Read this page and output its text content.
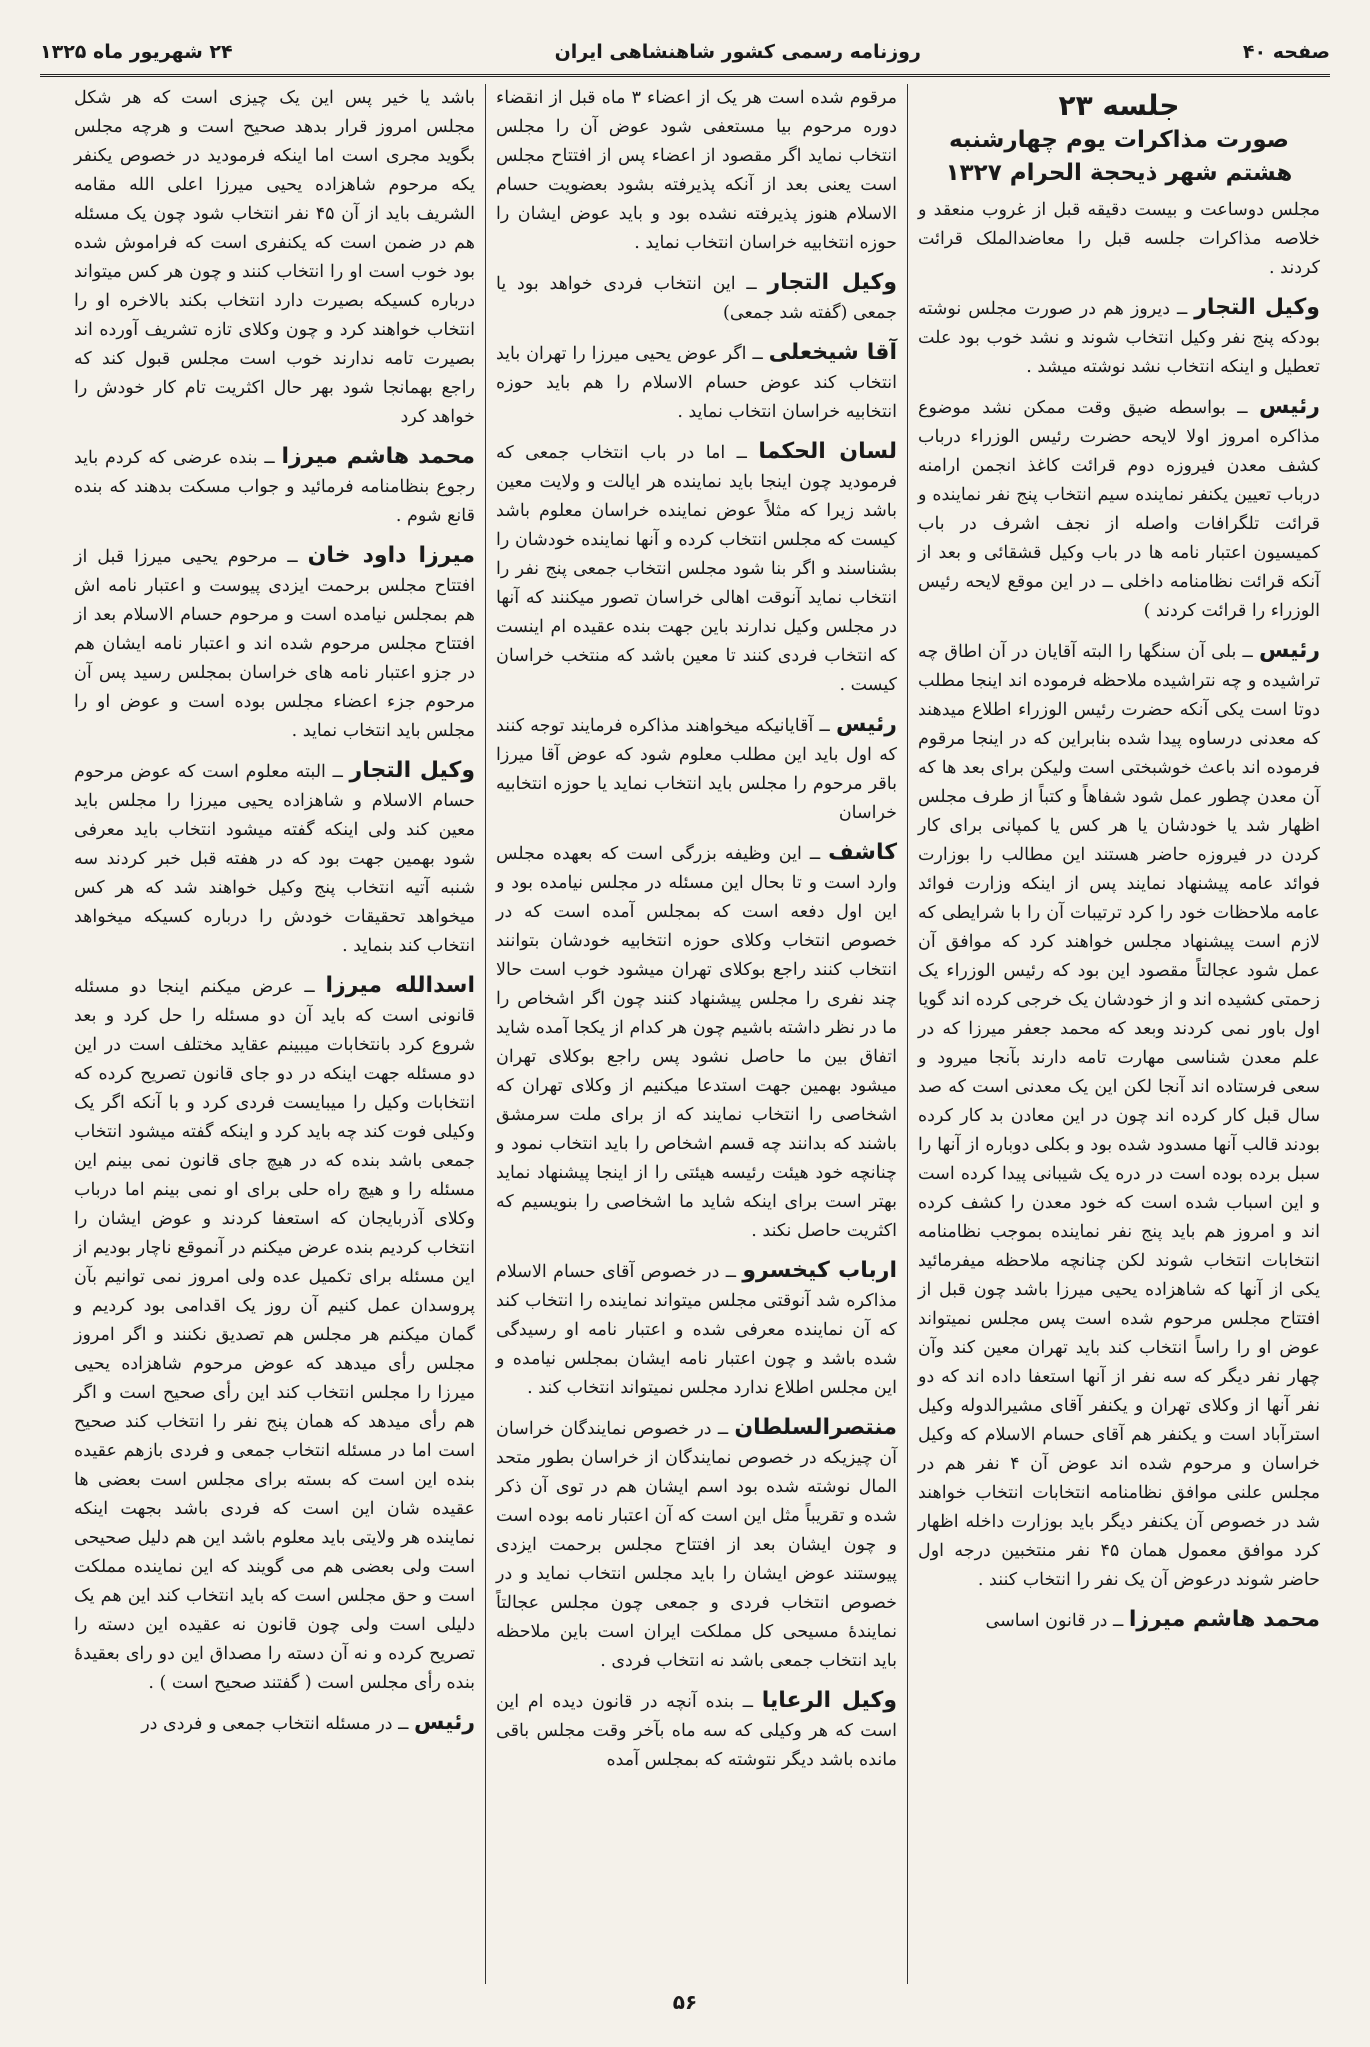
صفحه ۴۰
روزنامه رسمی کشور شاهنشاهی ایران
۲۴ شهریور ماه ۱۳۲۵
جلسه ۲۳
صورت مذاکرات یوم چهارشنبه
هشتم شهر ذیحجة الحرام ۱۳۲۷

مجلس دوساعت و بیست دقیقه قبل از غروب منعقد و خلاصه مذاکرات جلسه قبل را معاضدالملک قرائت کردند .

وکیل التجار ــ دیروز هم در صورت مجلس نوشته بودکه پنج نفر وکیل انتخاب شوند و نشد خوب بود علت تعطیل و اینکه انتخاب نشد نوشته میشد .

رئیس ــ بواسطه ضیق وقت ممکن نشد موضوع مذاکره امروز اولا لایحه حضرت رئیس الوزراء درباب کشف معدن فیروزه دوم قرائت کاغذ انجمن ارامنه درباب تعیین یکنفر نماینده سیم انتخاب پنج نفر نماینده و قرائت تلگرافات واصله از نجف اشرف در باب کمیسیون اعتبار نامه ها در باب وکیل قشقائی و بعد از آنکه قرائت نظامنامه داخلی ــ در این موقع لایحه رئیس الوزراء را قرائت کردند )

رئیس ــ بلی آن سنگها را البته آقایان در آن اطاق چه تراشیده و چه نتراشیده ملاحظه فرموده اند اینجا مطلب دوتا است یکی آنکه حضرت رئیس الوزراء اطلاع میدهند که معدنی درساوه پیدا شده بنابراین که در اینجا مرقوم فرموده اند باعث خوشبختی است ولیکن برای بعد ها که آن معدن چطور عمل شود شفاهاً و کتباً از طرف مجلس اظهار شد یا خودشان یا هر کس یا کمپانی برای کار کردن در فیروزه حاضر هستند این مطالب را بوزارت فوائد عامه پیشنهاد نمایند پس از اینکه وزارت فوائد عامه ملاحظات خود را کرد ترتیبات آن را با شرایطی که لازم است پیشنهاد مجلس خواهند کرد که موافق آن عمل شود عجالتاً مقصود این بود که رئیس الوزراء یک زحمتی کشیده اند و از خودشان یک خرجی کرده اند گویا اول باور نمی کردند وبعد که محمد جعفر میرزا که در علم معدن شناسی مهارت تامه دارند بآنجا میرود و سعی فرستاده اند آنجا لکن این یک معدنی است که صد سال قبل کار کرده اند چون در این معادن بد کار کرده بودند قالب آنها مسدود شده بود و بکلی دوباره از آنها را سبل برده بوده است در دره یک شیبانی پیدا کرده است و این اسباب شده است که خود معدن را کشف کرده اند و امروز هم باید پنج نفر نماینده بموجب نظامنامه انتخابات انتخاب شوند لکن چنانچه ملاحظه میفرمائید یکی از آنها که شاهزاده یحیی میرزا باشد چون قبل از افتتاح مجلس مرحوم شده است پس مجلس نمیتواند عوض او را راساً انتخاب کند باید تهران معین کند وآن چهار نفر دیگر که سه نفر از آنها استعفا داده اند که دو نفر آنها از وکلای تهران و یکنفر آقای مشیرالدوله وکیل استرآباد است و یکنفر هم آقای حسام الاسلام که وکیل خراسان و مرحوم شده اند عوض آن ۴ نفر هم در مجلس علنی موافق نظامنامه انتخابات انتخاب خواهند شد در خصوص آن یکنفر دیگر باید بوزارت داخله اظهار کرد موافق معمول همان ۴۵ نفر منتخبین درجه اول حاضر شوند درعوض آن یک نفر را انتخاب کنند .

محمد هاشم میرزا ــ در قانون اساسی

مرقوم شده است هر یک از اعضاء ۳ ماه قبل از انقضاء دوره مرحوم بیا مستعفی شود عوض آن را مجلس انتخاب نماید اگر مقصود از اعضاء پس از افتتاح مجلس است یعنی بعد از آنکه پذیرفته بشود بعضویت حسام الاسلام هنوز پذیرفته نشده بود و باید عوض ایشان را حوزه انتخابیه خراسان انتخاب نماید .

وکیل التجار ــ این انتخاب فردی خواهد بود یا جمعی (گفته شد جمعی)

آقا شیخعلی ــ اگر عوض یحیی میرزا را تهران باید انتخاب کند عوض حسام الاسلام را هم باید حوزه انتخابیه خراسان انتخاب نماید .

لسان الحکما ــ اما در باب انتخاب جمعی که فرمودید چون اینجا باید نماینده هر ایالت و ولایت معین باشد زیرا که مثلاً عوض نماینده خراسان معلوم باشد کیست که مجلس انتخاب کرده و آنها نماینده خودشان را بشناسند و اگر بنا شود مجلس انتخاب جمعی پنج نفر را انتخاب نماید آنوقت اهالی خراسان تصور میکنند که آنها در مجلس وکیل ندارند باین جهت بنده عقیده ام اینست که انتخاب فردی کنند تا معین باشد که منتخب خراسان کیست .

رئیس ــ آقایانیکه میخواهند مذاکره فرمایند توجه کنند که اول باید این مطلب معلوم شود که عوض آقا میرزا باقر مرحوم را مجلس باید انتخاب نماید یا حوزه انتخابیه خراسان

کاشف ــ این وظیفه بزرگی است که بعهده مجلس وارد است و تا بحال این مسئله در مجلس نیامده بود و این اول دفعه است که بمجلس آمده است که در خصوص انتخاب وکلای حوزه انتخابیه خودشان بتوانند انتخاب کنند راجع بوکلای تهران میشود خوب است حالا چند نفری را مجلس پیشنهاد کنند چون اگر اشخاص را ما در نظر داشته باشیم چون هر کدام از یکجا آمده شاید اتفاق بین ما حاصل نشود پس راجع بوکلای تهران میشود بهمین جهت استدعا میکنیم از وکلای تهران که اشخاصی را انتخاب نمایند که از برای ملت سرمشق باشند که بدانند چه قسم اشخاص را باید انتخاب نمود و چنانچه خود هیئت رئیسه هیئتی را از اینجا پیشنهاد نماید بهتر است برای اینکه شاید ما اشخاصی را بنویسیم که اکثریت حاصل نکند .

ارباب کیخسرو ــ در خصوص آقای حسام الاسلام مذاکره شد آنوقتی مجلس میتواند نماینده را انتخاب کند که آن نماینده معرفی شده و اعتبار نامه او رسیدگی شده باشد و چون اعتبار نامه ایشان بمجلس نیامده و این مجلس اطلاع ندارد مجلس نمیتواند انتخاب کند .

منتصرالسلطان ــ در خصوص نمایندگان خراسان آن چیزیکه در خصوص نمایندگان از خراسان بطور متحد المال نوشته شده بود اسم ایشان هم در توی آن ذکر شده و تقریباً مثل این است که آن اعتبار نامه بوده است و چون ایشان بعد از افتتاح مجلس برحمت ایزدی پیوستند عوض ایشان را باید مجلس انتخاب نماید و در خصوص انتخاب فردی و جمعی چون مجلس عجالتاً نمایندهٔ مسیحی کل مملکت ایران است باین ملاحظه باید انتخاب جمعی باشد نه انتخاب فردی .

وکیل الرعایا ــ بنده آنچه در قانون دیده ام این است که هر وکیلی که سه ماه بآخر وقت مجلس باقی مانده باشد دیگر نتوشته که بمجلس آمده

باشد یا خیر پس این یک چیزی است که هر شکل مجلس امروز قرار بدهد صحیح است و هرچه مجلس بگوید مجری است اما اینکه فرمودید در خصوص یکنفر یکه مرحوم شاهزاده یحیی میرزا اعلی الله مقامه الشریف باید از آن ۴۵ نفر انتخاب شود چون یک مسئله هم در ضمن است که یکنفری است که فراموش شده بود خوب است او را انتخاب کنند و چون هر کس میتواند درباره کسیکه بصیرت دارد انتخاب بکند بالاخره او را انتخاب خواهند کرد و چون وکلای تازه تشریف آورده اند بصیرت تامه ندارند خوب است مجلس قبول کند که راجع بهمانجا شود بهر حال اکثریت تام کار خودش را خواهد کرد

محمد هاشم میرزا ــ بنده عرضی که کردم باید رجوع بنظامنامه فرمائید و جواب مسکت بدهند که بنده قانع شوم .

میرزا داود خان ــ مرحوم یحیی میرزا قبل از افتتاح مجلس برحمت ایزدی پیوست و اعتبار نامه اش هم بمجلس نیامده است و مرحوم حسام الاسلام بعد از افتتاح مجلس مرحوم شده اند و اعتبار نامه ایشان هم در جزو اعتبار نامه های خراسان بمجلس رسید پس آن مرحوم جزء اعضاء مجلس بوده است و عوض او را مجلس باید انتخاب نماید .

وکیل التجار ــ البته معلوم است که عوض مرحوم حسام الاسلام و شاهزاده یحیی میرزا را مجلس باید معین کند ولی اینکه گفته میشود انتخاب باید معرفی شود بهمین جهت بود که در هفته قبل خبر کردند سه شنبه آتیه انتخاب پنج وکیل خواهند شد که هر کس میخواهد تحقیقات خودش را درباره کسیکه میخواهد انتخاب کند بنماید .

اسدالله میرزا ــ عرض میکنم اینجا دو مسئله قانونی است که باید آن دو مسئله را حل کرد و بعد شروع کرد بانتخابات میبینم عقاید مختلف است در این دو مسئله جهت اینکه در دو جای قانون تصریح کرده که انتخابات وکیل را میبایست فردی کرد و با آنکه اگر یک وکیلی فوت کند چه باید کرد و اینکه گفته میشود انتخاب جمعی باشد بنده که در هیچ جای قانون نمی بینم این مسئله را و هیچ راه حلی برای او نمی بینم اما درباب وکلای آذربایجان که استعفا کردند و عوض ایشان را انتخاب کردیم بنده عرض میکنم در آنموقع ناچار بودیم از این مسئله برای تکمیل عده ولی امروز نمی توانیم بآن پروسدان عمل کنیم آن روز یک اقدامی بود کردیم و گمان میکنم هر مجلس هم تصدیق نکنند و اگر امروز مجلس رأی میدهد که عوض مرحوم شاهزاده یحیی میرزا را مجلس انتخاب کند این رأی صحیح است و اگر هم رأی میدهد که همان پنج نفر را انتخاب کند صحیح است اما در مسئله انتخاب جمعی و فردی بازهم عقیده بنده این است که بسته برای مجلس است بعضی ها عقیده شان این است که فردی باشد بجهت اینکه نماینده هر ولایتی باید معلوم باشد این هم دلیل صحیحی است ولی بعضی هم می گویند که این نماینده مملکت است و حق مجلس است که باید انتخاب کند این هم یک دلیلی است ولی چون قانون نه عقیده این دسته را تصریح کرده و نه آن دسته را مصداق این دو رای بعقیدهٔ بنده رأی مجلس است ( گفتند صحیح است ) .

رئیس ــ در مسئله انتخاب جمعی و فردی در

۵۶
